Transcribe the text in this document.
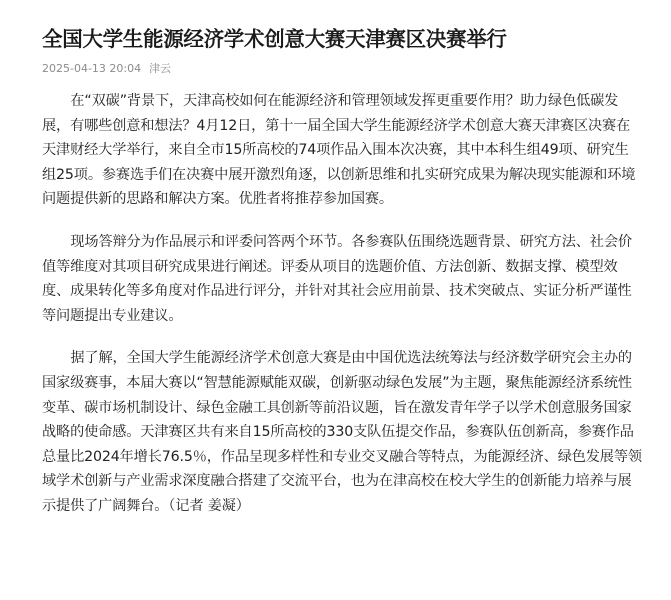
全国大学生能源经济学术创意大赛天津赛区决赛举行
2025-04-13 20:04 津云

在“双碳”背景下，天津高校如何在能源经济和管理领域发挥更重要作用？助力绿色低碳发展，有哪些创意和想法？4月12日，第十一届全国大学生能源经济学术创意大赛天津赛区决赛在天津财经大学举行，来自全市15所高校的74项作品入围本次决赛，其中本科生组49项、研究生组25项。参赛选手们在决赛中展开激烈角逐，以创新思维和扎实研究成果为解决现实能源和环境问题提供新的思路和解决方案。优胜者将推荐参加国赛。

现场答辩分为作品展示和评委问答两个环节。各参赛队伍围绕选题背景、研究方法、社会价值等维度对其项目研究成果进行阐述。评委从项目的选题价值、方法创新、数据支撑、模型效度、成果转化等多角度对作品进行评分，并针对其社会应用前景、技术突破点、实证分析严谨性等问题提出专业建议。

据了解，全国大学生能源经济学术创意大赛是由中国优选法统筹法与经济数学研究会主办的国家级赛事，本届大赛以“智慧能源赋能双碳，创新驱动绿色发展”为主题，聚焦能源经济系统性变革、碳市场机制设计、绿色金融工具创新等前沿议题，旨在激发青年学子以学术创意服务国家战略的使命感。天津赛区共有来自15所高校的330支队伍提交作品，参赛队伍创新高，参赛作品总量比2024年增长76.5％，作品呈现多样性和专业交叉融合等特点，为能源经济、绿色发展等领域学术创新与产业需求深度融合搭建了交流平台，也为在津高校在校大学生的创新能力培养与展示提供了广阔舞台。（记者 姜凝）
